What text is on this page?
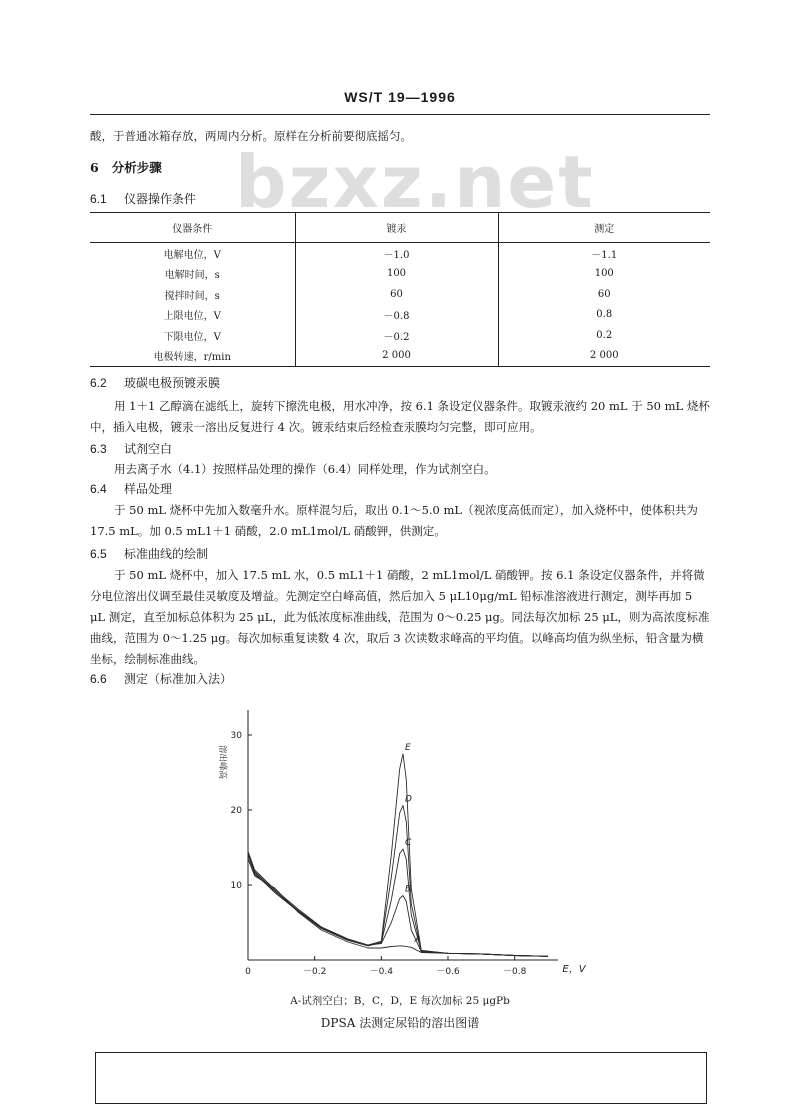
WS/T 19—1996
bzxz.net
酸，于普通冰箱存放，两周内分析。原样在分析前要彻底摇匀。
6 分析步骤
6.1 仪器操作条件
仪器条件	镀汞	测定
电解电位，V	－1.0	－1.1
电解时间，s	100	100
搅拌时间，s	60	60
上限电位，V	－0.8	0.8
下限电位，V	－0.2	0.2
电极转速，r/min	2 000	2 000
6.2 玻碳电极预镀汞膜
用 1＋1 乙醇滴在滤纸上，旋转下擦洗电极，用水冲净，按 6.1 条设定仪器条件。取镀汞液约 20 mL 于 50 mL 烧杯中，插入电极，镀汞一溶出反复进行 4 次。镀汞结束后经检查汞膜均匀完整，即可应用。
6.3 试剂空白
用去离子水（4.1）按照样品处理的操作（6.4）同样处理，作为试剂空白。
6.4 样品处理
于 50 mL 烧杯中先加入数毫升水。原样混匀后，取出 0.1～5.0 mL（视浓度高低而定），加入烧杯中，使体积共为 17.5 mL。加 0.5 mL1＋1 硝酸，2.0 mL1mol/L 硝酸钾，供测定。
6.5 标准曲线的绘制
于 50 mL 烧杯中，加入 17.5 mL 水，0.5 mL1＋1 硝酸，2 mL1mol/L 硝酸钾。按 6.1 条设定仪器条件，并将微分电位溶出仪调至最佳灵敏度及增益。先测定空白峰高值，然后加入 5 μL10μg/mL 铅标准溶液进行测定，测毕再加 5 μL 测定，直至加标总体积为 25 μL，此为低浓度标准曲线，范围为 0～0.25 μg。同法每次加标 25 μL，则为高浓度标准曲线，范围为 0～1.25 μg。每次加标重复读数 4 次，取后 3 次读数求峰高的平均值。以峰高均值为纵坐标，铅含量为横坐标，绘制标准曲线。
6.6 测定（标准加入法）
0	－0.2	－0.4	－0.6	－0.8
10
20
30
E，V
溶出峰高
A
B
C
D
E
A-试剂空白；B，C，D，E 每次加标 25 μgPb
DPSA 法测定尿铅的溶出图谱
